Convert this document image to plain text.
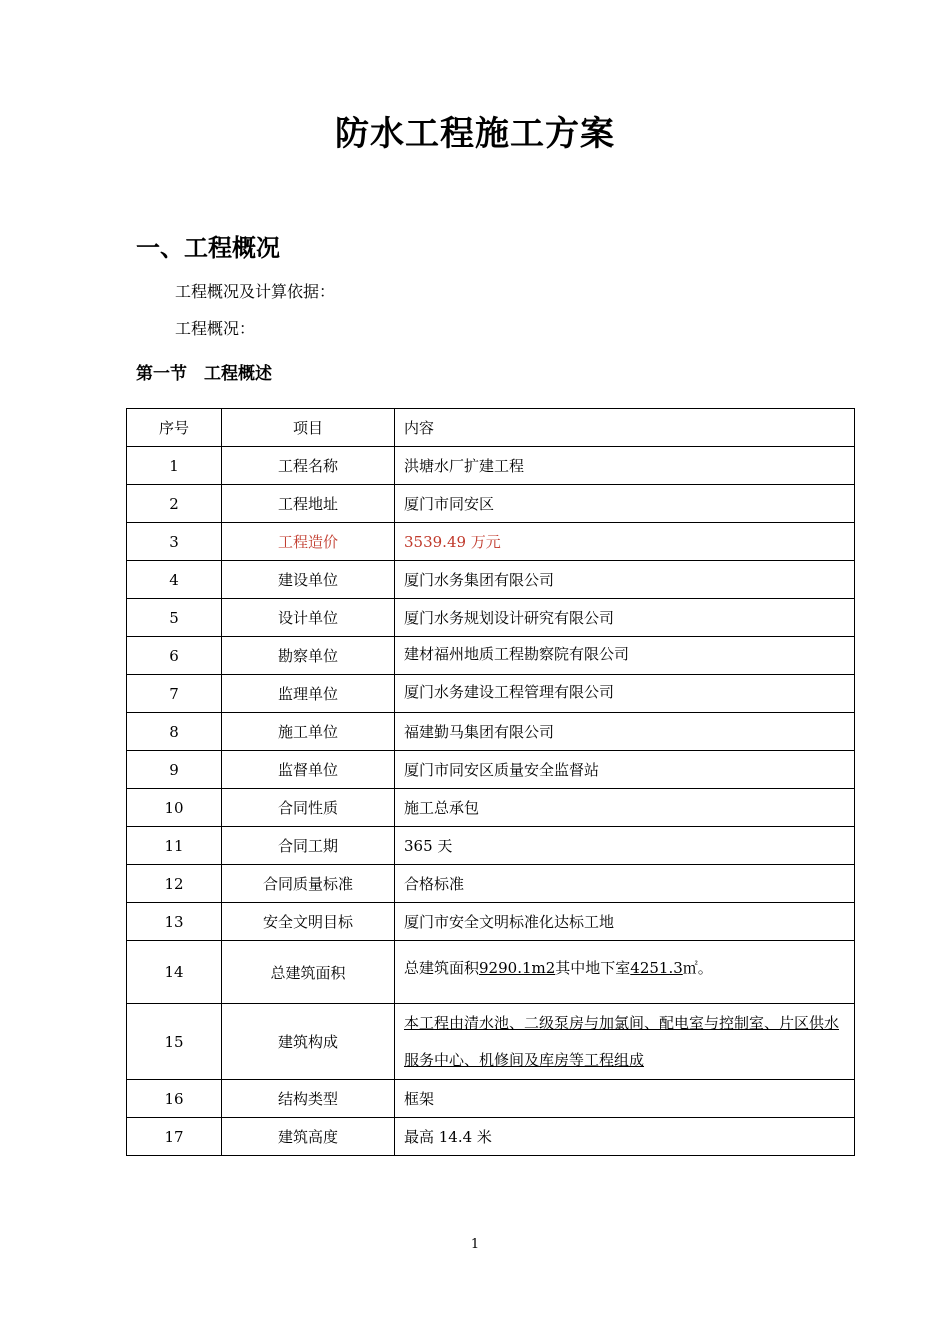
防水工程施工方案
一、工程概况
工程概况及计算依据：
工程概况：
第一节　工程概述
序号	项目	内容
1	工程名称	洪塘水厂扩建工程
2	工程地址	厦门市同安区
3	工程造价	3539.49 万元
4	建设单位	厦门水务集团有限公司
5	设计单位	厦门水务规划设计研究有限公司
6	勘察单位	建材福州地质工程勘察院有限公司
7	监理单位	厦门水务建设工程管理有限公司
8	施工单位	福建勤马集团有限公司
9	监督单位	厦门市同安区质量安全监督站
10	合同性质	施工总承包
11	合同工期	365 天
12	合同质量标准	合格标准
13	安全文明目标	厦门市安全文明标准化达标工地
14	总建筑面积	总建筑面积9290.1m2其中地下室4251.3㎡。
15	建筑构成	本工程由清水池、二级泵房与加氯间、配电室与控制室、片区供水服务中心、机修间及库房等工程组成
16	结构类型	框架
17	建筑高度	最高 14.4 米
1
